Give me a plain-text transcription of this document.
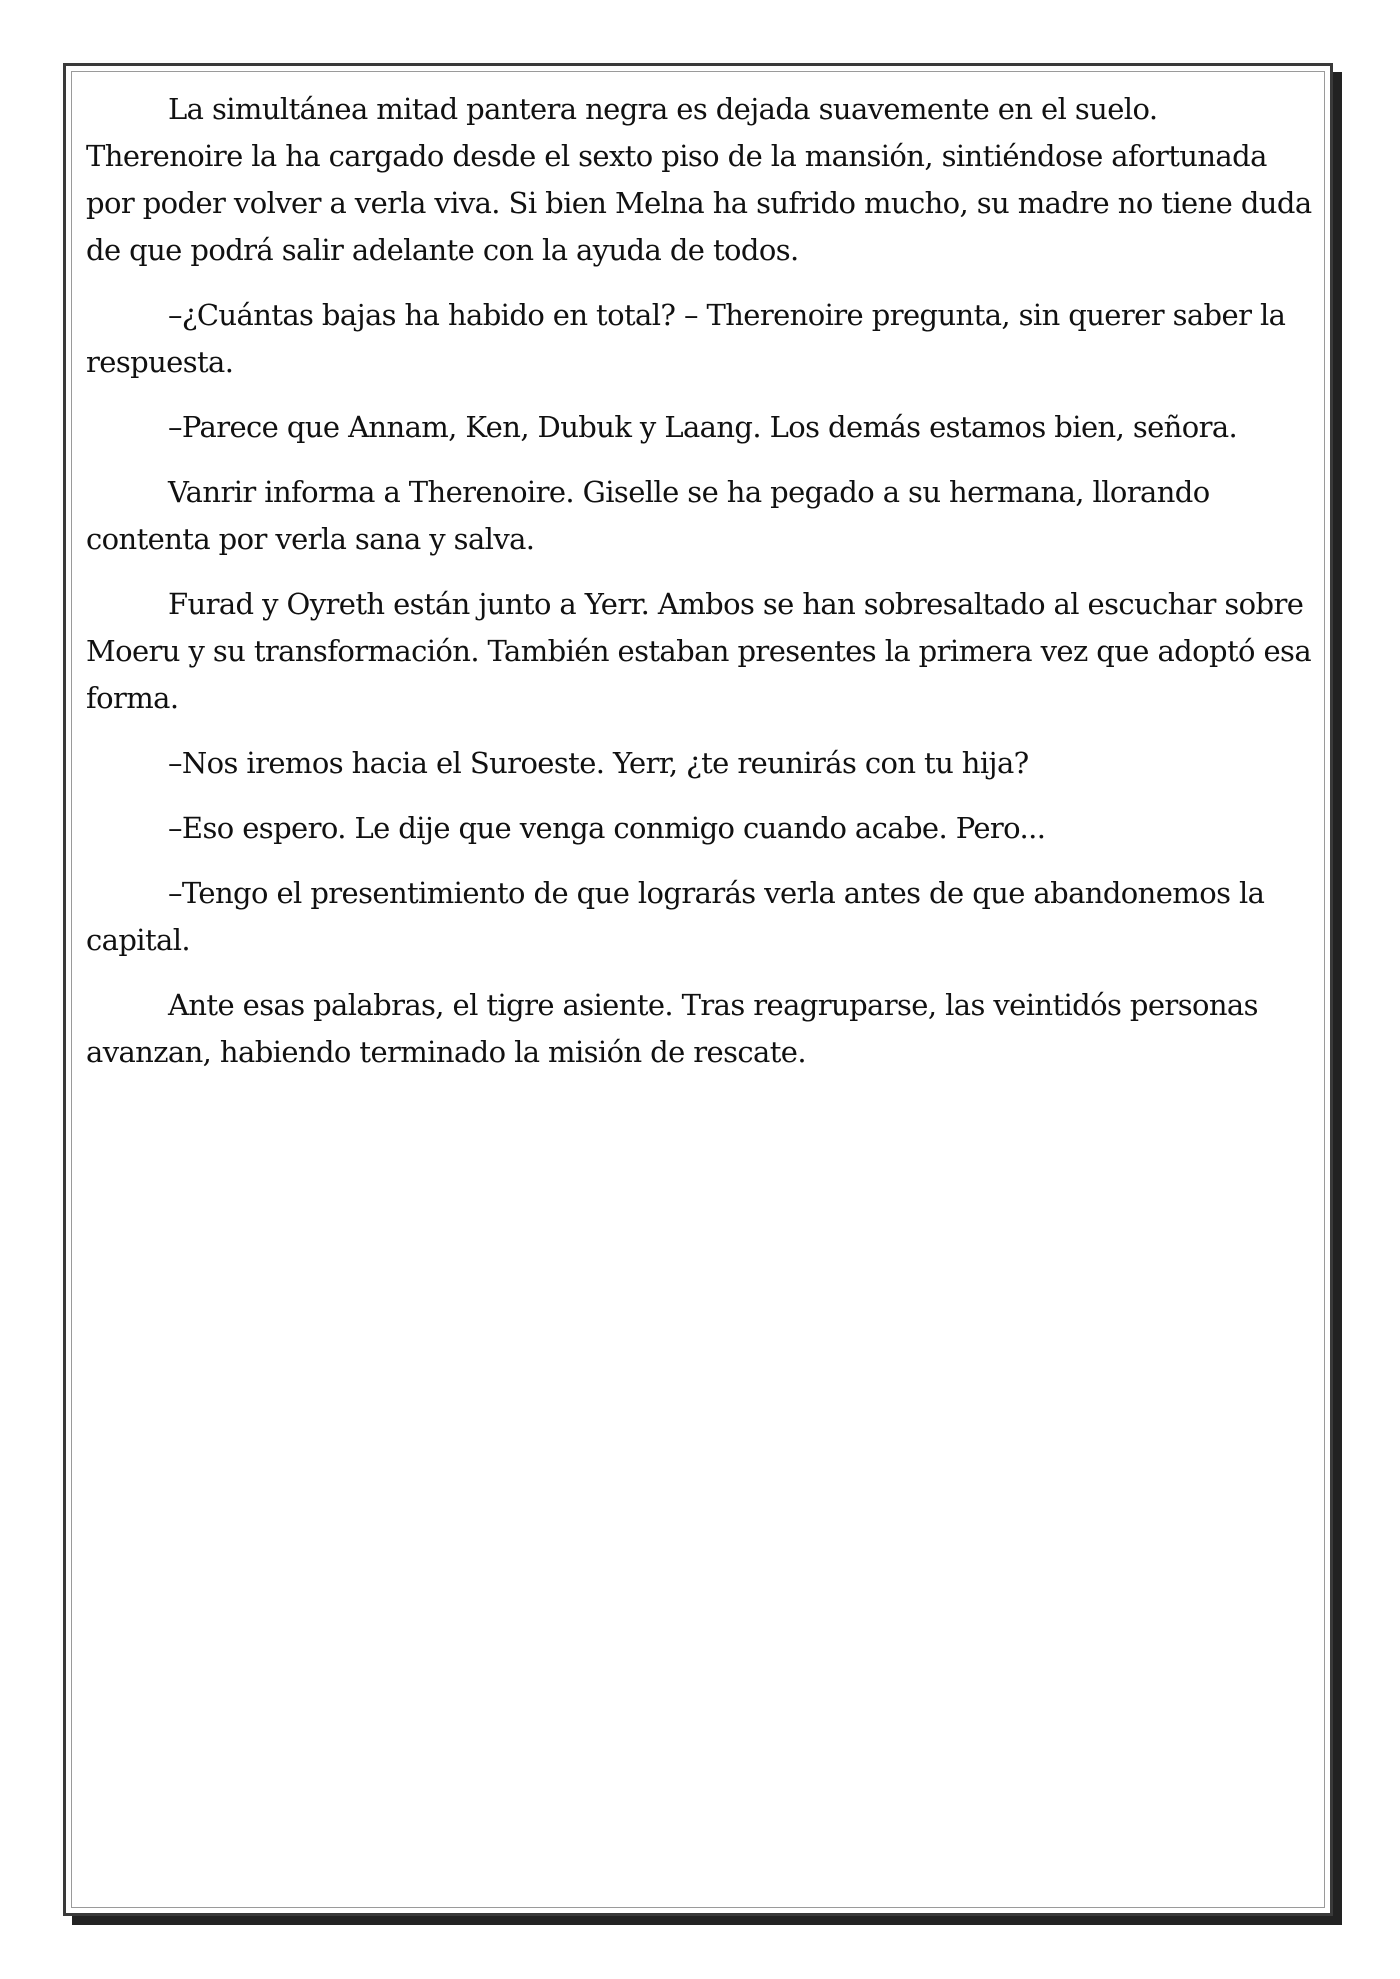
La simultánea mitad pantera negra es dejada suavemente en el suelo. Therenoire la ha cargado desde el sexto piso de la mansión, sintiéndose afortunada por poder volver a verla viva. Si bien Melna ha sufrido mucho, su madre no tiene duda de que podrá salir adelante con la ayuda de todos.

–¿Cuántas bajas ha habido en total? – Therenoire pregunta, sin querer saber la respuesta.

–Parece que Annam, Ken, Dubuk y Laang. Los demás estamos bien, señora.

Vanrir informa a Therenoire. Giselle se ha pegado a su hermana, llorando contenta por verla sana y salva.

Furad y Oyreth están junto a Yerr. Ambos se han sobresaltado al escuchar sobre Moeru y su transformación. También estaban presentes la primera vez que adoptó esa forma.

–Nos iremos hacia el Suroeste. Yerr, ¿te reunirás con tu hija?

–Eso espero. Le dije que venga conmigo cuando acabe. Pero...

–Tengo el presentimiento de que lograrás verla antes de que abandonemos la capital.

Ante esas palabras, el tigre asiente. Tras reagruparse, las veintidós personas avanzan, habiendo terminado la misión de rescate.
